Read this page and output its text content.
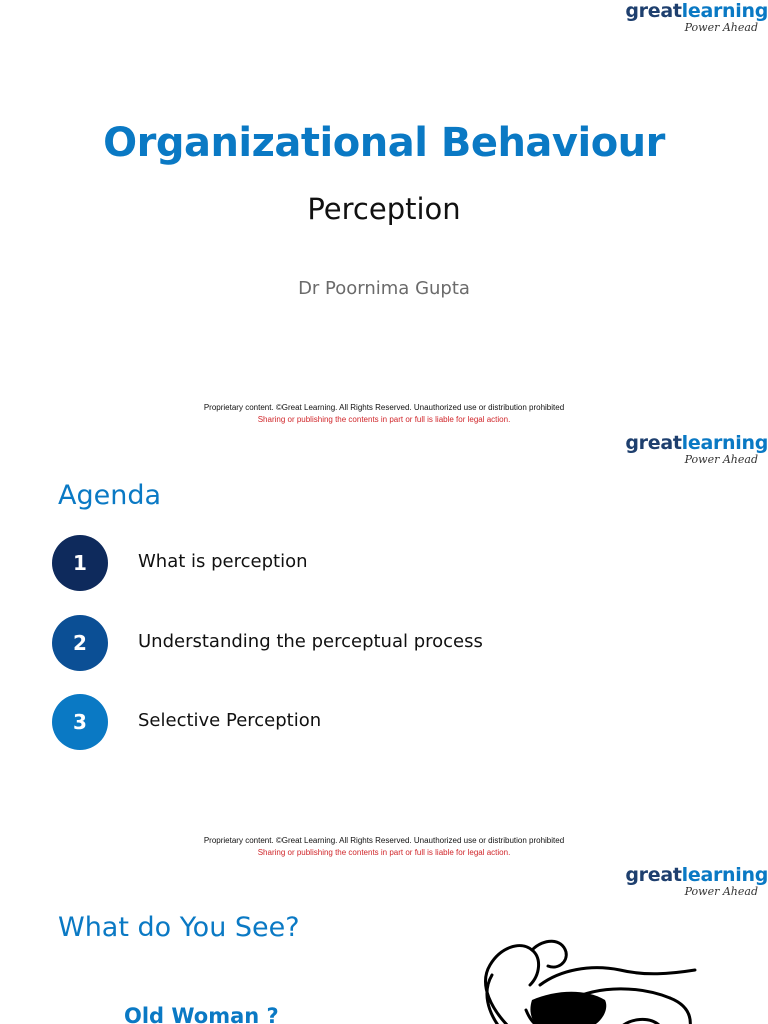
greatlearning
Power Ahead
Organizational Behaviour
Perception
Dr Poornima Gupta
Proprietary content. ©Great Learning. All Rights Reserved. Unauthorized use or distribution prohibited
Sharing or publishing the contents in part or full is liable for legal action.
greatlearning
Power Ahead
Agenda
1	What is perception
2	Understanding the perceptual process
3	Selective Perception
Proprietary content. ©Great Learning. All Rights Reserved. Unauthorized use or distribution prohibited
Sharing or publishing the contents in part or full is liable for legal action.
greatlearning
Power Ahead
What do You See?
Old Woman ?
